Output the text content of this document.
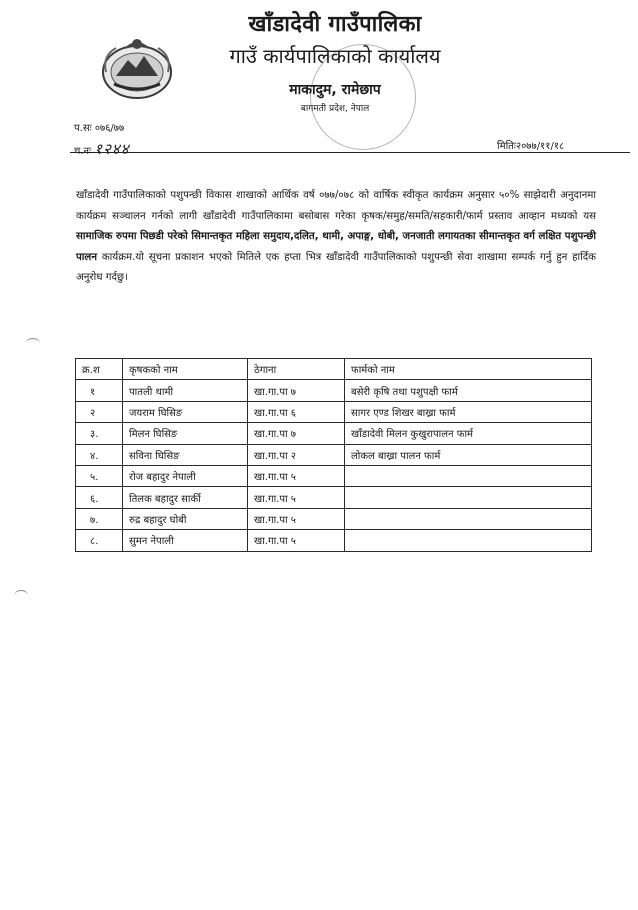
खाँडादेवी गाउँपालिका
गाउँ कार्यपालिकाको कार्यालय
माकादुम, रामेछाप
बागमती प्रदेश, नेपाल
प.सः ०७६/७७
च.नः १२४४	मितिः२०७७/११/१८
खाँडादेवी गाउँपालिकाको पशुपन्छी विकास शाखाको आर्थिक वर्ष ०७७/०७८ को वार्षिक स्वीकृत कार्यक्रम अनुसार ५०% साझेदारी अनुदानमा कार्यक्रम सञ्चालन गर्नको लागी खाँडादेवी गाउँपालिकामा बसोबास गरेका कृषक/समुह/समति/सहकारी/फार्म प्रस्ताव आव्हान मध्यको यस सामाजिक रुपमा पिछडी परेको सिमान्तकृत महिला समुदाय,दलित, थामी, अपाङ्ग, धोबी, जनजाती लगायतका सीमान्तकृत वर्ग लक्षित पशुपन्छी पालन कार्यक्रम.यो सूचना प्रकाशन भएको मितिले एक हप्ता भित्र खाँडादेवी गाउँपालिकाको पशुपन्छी सेवा शाखामा सम्पर्क गर्नु हुन हार्दिक अनुरोध गर्दछु।
क्र.श	कृषकको नाम	ठेगाना	फार्मको नाम
१	पातली थामी	खा.गा.पा ७	बसेरी कृषि तथा पशुपक्षी फार्म
२	जयराम घिसिङ	खा.गा.पा ६	सागर एण्ड शिखर बाख्रा फार्म
३.	मिलन घिसिङ	खा.गा.पा ७	खाँडादेवी मिलन कुखुरापालन फार्म
४.	सविना घिसिङ	खा.गा.पा २	लोकल बाख्रा पालन फार्म
५.	रोज बहादुर नेपाली	खा.गा.पा ५	
६.	तिलक बहादुर सार्की	खा.गा.पा ५	
७.	रुद्र बहादुर घोबी	खा.गा.पा ५	
८.	सुमन नेपाली	खा.गा.पा ५	
